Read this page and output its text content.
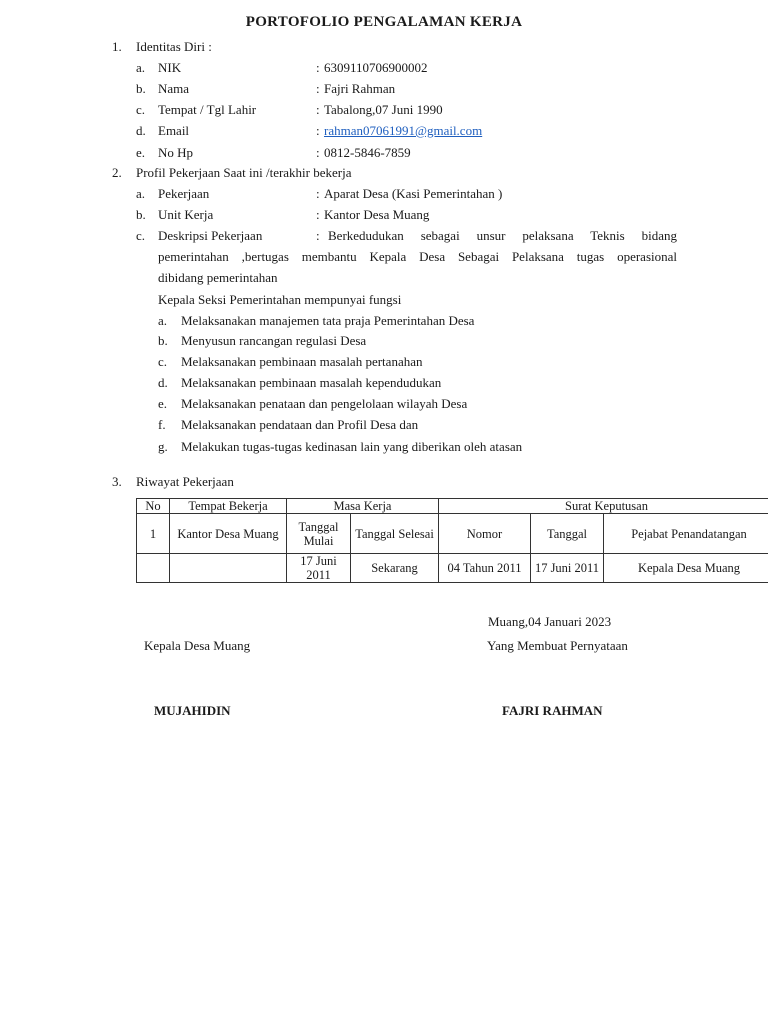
PORTOFOLIO PENGALAMAN KERJA
1. Identitas Diri :
a. NIK	: 6309110706900002
b. Nama	: Fajri Rahman
c. Tempat / Tgl Lahir	: Tabalong,07 Juni 1990
d. Email	: rahman07061991@gmail.com
e. No Hp	: 0812-5846-7859
2. Profil Pekerjaan Saat ini /terakhir bekerja
a. Pekerjaan	: Aparat Desa (Kasi Pemerintahan )
b. Unit Kerja	: Kantor Desa Muang
c. Deskripsi Pekerjaan	: Berkedudukan sebagai unsur pelaksana Teknis bidang
pemerintahan ,bertugas membantu Kepala Desa Sebagai Pelaksana tugas operasional
dibidang pemerintahan
Kepala Seksi Pemerintahan mempunyai fungsi
a. Melaksanakan manajemen tata praja Pemerintahan Desa
b. Menyusun rancangan regulasi Desa
c. Melaksanakan pembinaan masalah pertanahan
d. Melaksanakan pembinaan masalah kependudukan
e. Melaksanakan penataan dan pengelolaan wilayah Desa
f. Melaksanakan pendataan dan Profil Desa dan
g. Melakukan tugas-tugas kedinasan lain yang diberikan oleh atasan
3. Riwayat Pekerjaan
No	Tempat Bekerja	Masa Kerja		Surat Keputusan		
1	Kantor Desa Muang	Tanggal Mulai	Tanggal Selesai	Nomor	Tanggal	Pejabat Penandatangan
		17 Juni 2011	Sekarang	04 Tahun 2011	17 Juni 2011	Kepala Desa Muang
Muang,04 Januari 2023
Kepala Desa Muang	Yang Membuat Pernyataan
MUJAHIDIN	FAJRI RAHMAN
